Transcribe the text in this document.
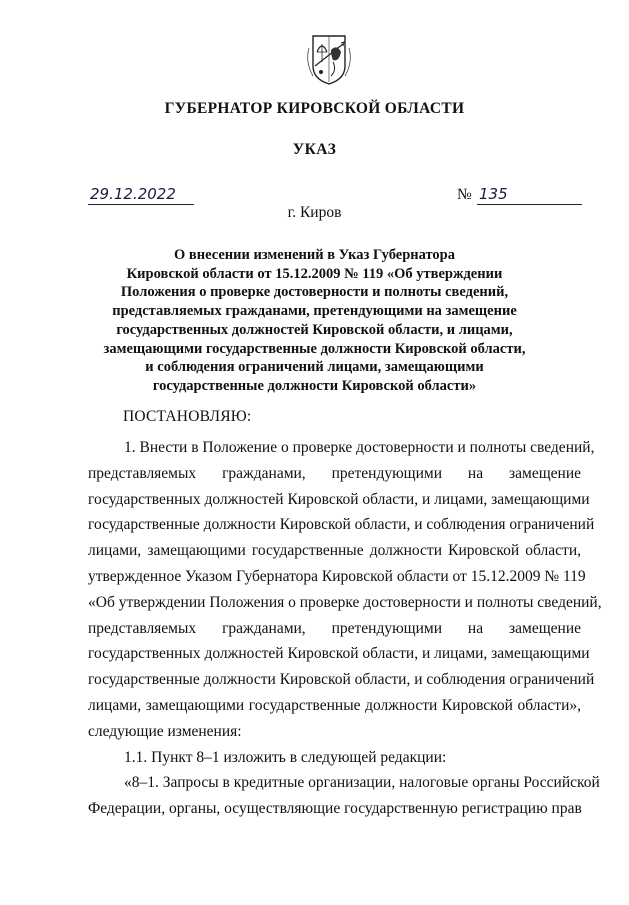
ГУБЕРНАТОР КИРОВСКОЙ ОБЛАСТИ
УКАЗ
29.12.2022	№ 135
г. Киров
О внесении изменений в Указ Губернатора
Кировской области от 15.12.2009 № 119 «Об утверждении
Положения о проверке достоверности и полноты сведений,
представляемых гражданами, претендующими на замещение
государственных должностей Кировской области, и лицами,
замещающими государственные должности Кировской области,
и соблюдения ограничений лицами, замещающими
государственные должности Кировской области»
ПОСТАНОВЛЯЮ:
1. Внести в Положение о проверке достоверности и полноты сведений,
представляемых гражданами, претендующими на замещение
государственных должностей Кировской области, и лицами, замещающими
государственные должности Кировской области, и соблюдения ограничений
лицами, замещающими государственные должности Кировской области,
утвержденное Указом Губернатора Кировской области от 15.12.2009 № 119
«Об утверждении Положения о проверке достоверности и полноты сведений,
представляемых гражданами, претендующими на замещение
государственных должностей Кировской области, и лицами, замещающими
государственные должности Кировской области, и соблюдения ограничений
лицами, замещающими государственные должности Кировской области»,
следующие изменения:
1.1. Пункт 8–1 изложить в следующей редакции:
«8–1. Запросы в кредитные организации, налоговые органы Российской
Федерации, органы, осуществляющие государственную регистрацию прав
